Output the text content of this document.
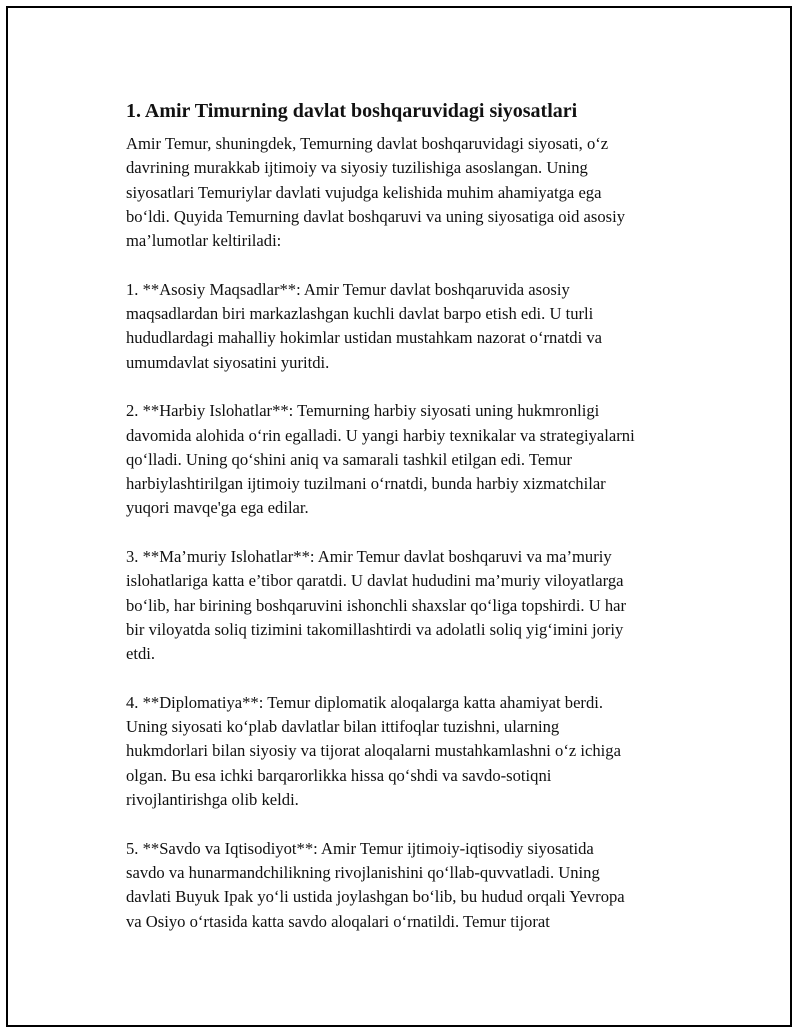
1. Amir Timurning davlat boshqaruvidagi siyosatlari
Amir Temur, shuningdek, Temurning davlat boshqaruvidagi siyosati, o‘z
davrining murakkab ijtimoiy va siyosiy tuzilishiga asoslangan. Uning
siyosatlari Temuriylar davlati vujudga kelishida muhim ahamiyatga ega
bo‘ldi. Quyida Temurning davlat boshqaruvi va uning siyosatiga oid asosiy
ma’lumotlar keltiriladi:
1. **Asosiy Maqsadlar**: Amir Temur davlat boshqaruvida asosiy
maqsadlardan biri markazlashgan kuchli davlat barpo etish edi. U turli
hududlardagi mahalliy hokimlar ustidan mustahkam nazorat o‘rnatdi va
umumdavlat siyosatini yuritdi.
2. **Harbiy Islohatlar**: Temurning harbiy siyosati uning hukmronligi
davomida alohida o‘rin egalladi. U yangi harbiy texnikalar va strategiyalarni
qo‘lladi. Uning qo‘shini aniq va samarali tashkil etilgan edi. Temur
harbiylashtirilgan ijtimoiy tuzilmani o‘rnatdi, bunda harbiy xizmatchilar
yuqori mavqe'ga ega edilar.
3. **Ma’muriy Islohatlar**: Amir Temur davlat boshqaruvi va ma’muriy
islohatlariga katta e’tibor qaratdi. U davlat hududini ma’muriy viloyatlarga
bo‘lib, har birining boshqaruvini ishonchli shaxslar qo‘liga topshirdi. U har
bir viloyatda soliq tizimini takomillashtirdi va adolatli soliq yig‘imini joriy
etdi.
4. **Diplomatiya**: Temur diplomatik aloqalarga katta ahamiyat berdi.
Uning siyosati ko‘plab davlatlar bilan ittifoqlar tuzishni, ularning
hukmdorlari bilan siyosiy va tijorat aloqalarni mustahkamlashni o‘z ichiga
olgan. Bu esa ichki barqarorlikka hissa qo‘shdi va savdo-sotiqni
rivojlantirishga olib keldi.
5. **Savdo va Iqtisodiyot**: Amir Temur ijtimoiy-iqtisodiy siyosatida
savdo va hunarmandchilikning rivojlanishini qo‘llab-quvvatladi. Uning
davlati Buyuk Ipak yo‘li ustida joylashgan bo‘lib, bu hudud orqali Yevropa
va Osiyo o‘rtasida katta savdo aloqalari o‘rnatildi. Temur tijorat
